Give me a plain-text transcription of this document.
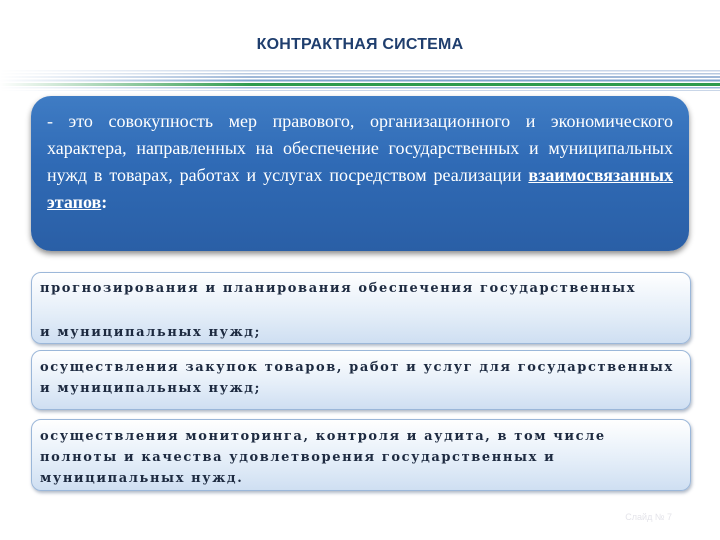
КОНТРАКТНАЯ СИСТЕМА
- это совокупность мер правового, организационного и экономического характера, направленных на обеспечение государственных и муниципальных нужд в товарах, работах и услугах посредством реализации взаимосвязанных этапов:
прогнозирования и планирования обеспечения государственных
и муниципальных нужд;
осуществления закупок товаров, работ и услуг для государственных и муниципальных нужд;
осуществления мониторинга, контроля и аудита, в том числе полноты и качества удовлетворения государственных и муниципальных нужд.
Слайд № 7
